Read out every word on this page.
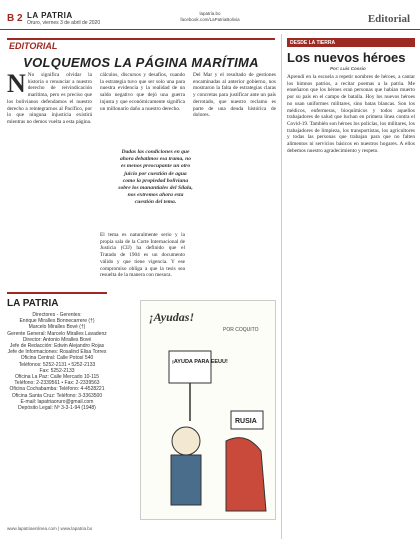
B 2 LA PATRIA
Oruro, viernes 3 de abril de 2020
lapatria.bo
facebook.com/LaPatriaBolivia	Editorial
EDITORIAL
VOLQUEMOS LA PÁGINA MARÍTIMA
N No significa olvidar la historia o renunciar a nuestro derecho de reivindicación marítima, pero es preciso que los bolivianos defendamos el nuestro derecho a reintegrarnos al Pacífico, por lo que ninguna injusticia existirá mientras no demos vuelta a esta página.
cálculos, discursos y desafíos, cuando la estrategia tuvo que ser solo una para nuestra evidencia y la realidad de un saldo negativo que dejó una guerra injusta y que económicamente significa un millonario daño a nuestro derecho.
Dadas las condiciones en que ahora debatimos esa trama, no es menos preocupante un otro juicio por cuestión de agua como la propiedad boliviana sobre los manantiales del Silala, nos extremos ahora esta cuestión del tema.
Del Mar y el resultado de gestiones encaminadas al anterior gobierno, nos mostraron la falta de estrategias claras y concretas para justificar ante un país derrotado, que nuestro reclamo es parte de una deuda histórica de dolores.
El tema es naturalmente serio y la propia sala de la Corte Internacional de Justicia (CIJ) ha definido que el Tratado de 1904 es un documento válido y que tiene vigencia. Y ese compromiso obliga a que la tesis sea resuelta de la manera con mesura.
DESDE LA TIERRA
Los nuevos héroes
Por: Luis Cossio
Aprendí en la escuela a repetir nombres de héroes, a cantar los himnos patrios, a recitar poemas a la patria. Me enseñaron que los héroes eran personas que habían muerto por su país en el campo de batalla. Hoy los nuevos héroes no usan uniformes militares, sino batas blancas. Son los médicos, enfermeras, bioquímicos y todos aquellos trabajadores de salud que luchan en primera línea contra el Covid-19. También son héroes los policías, los militares, los trabajadores de limpieza, los transportistas, los agricultores y todas las personas que trabajan para que no falten alimentos ni servicios básicos en nuestros hogares. A ellos debemos nuestro agradecimiento y respeto.
LA PATRIA
Directores - Gerentes:
Enrique Miralles Bonnecarrere (†)
Marcelo Miralles Bové (†)
Gerente General: Marcelo Miralles Lavadenz
Director: Antonio Miralles Bové
Jefe de Redacción: Edwin Alejandro Rojas
Jefe de Informaciones: Rosalind Elisa Torres
Oficina Central: Calle Potosí 540
Teléfonos: 5252-2131 • 5252-2133
Fax: 5252-2133
Oficina La Paz: Calle Mercado 10-115
Teléfono: 2-2339561 • Fax: 2-2339563
Oficina Cochabamba: Teléfono: 4-4528221
Oficina Santa Cruz: Teléfono: 3-3363500
E-mail: lapatriaoruro@gmail.com
Depósito Legal: Nº 3-3-1-94 (1948)
www.lapatriaenlinea.com | www.lapatria.bo
¡Ayudas!
POR COQUITO
¡AYUDA PARA EEUU!
RUSIA
